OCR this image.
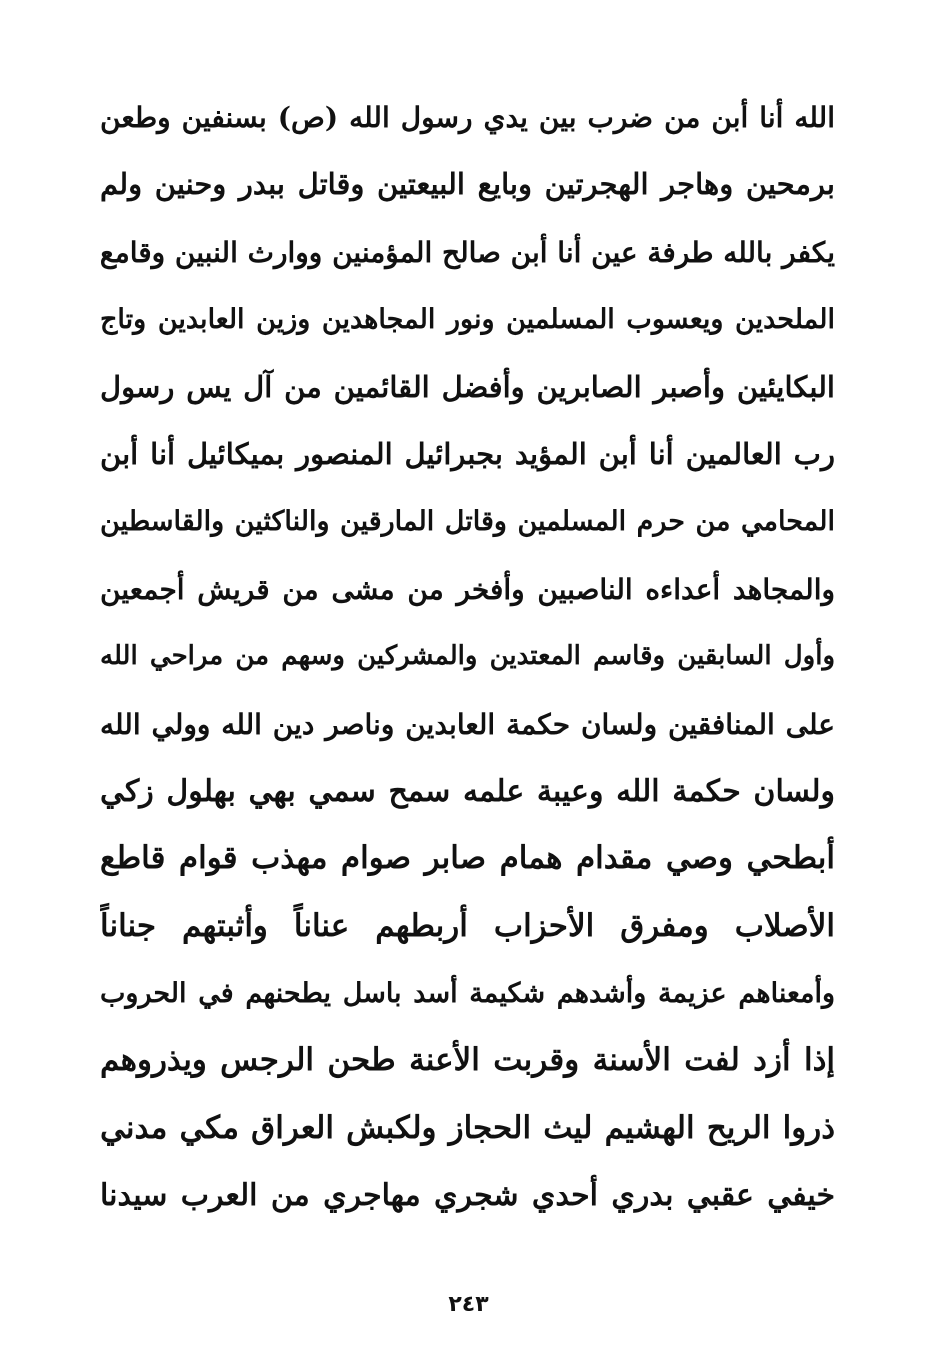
الله أنا أبن من ضرب بين يدي رسول الله (ص) بسنفين وطعن
برمحين وهاجر الهجرتين وبايع البيعتين وقاتل ببدر وحنين ولم
يكفر بالله طرفة عين أنا أبن صالح المؤمنين ووارث النبين وقامع
الملحدين ويعسوب المسلمين ونور المجاهدين وزين العابدين وتاج
البكايئين وأصبر الصابرين وأفضل القائمين من آل يس رسول
رب العالمين أنا أبن المؤيد بجبرائيل المنصور بميكائيل أنا أبن
المحامي من حرم المسلمين وقاتل المارقين والناكثين والقاسطين
والمجاهد أعداءه الناصبين وأفخر من مشى من قريش أجمعين
وأول السابقين وقاسم المعتدين والمشركين وسهم من مراحي الله
على المنافقين ولسان حكمة العابدين وناصر دين الله وولي الله
ولسان حكمة الله وعيبة علمه سمح سمي بهي بهلول زكي
أبطحي وصي مقدام همام صابر صوام مهذب قوام قاطع
الأصلاب ومفرق الأحزاب أربطهم عناناً وأثبتهم جناناً
وأمعناهم عزيمة وأشدهم شكيمة أسد باسل يطحنهم في الحروب
إذا أزد لفت الأسنة وقربت الأعنة طحن الرجس ويذروهم
ذروا الريح الهشيم ليث الحجاز ولكبش العراق مكي مدني
خيفي عقبي بدري أحدي شجري مهاجري من العرب سيدنا
٢٤٣
